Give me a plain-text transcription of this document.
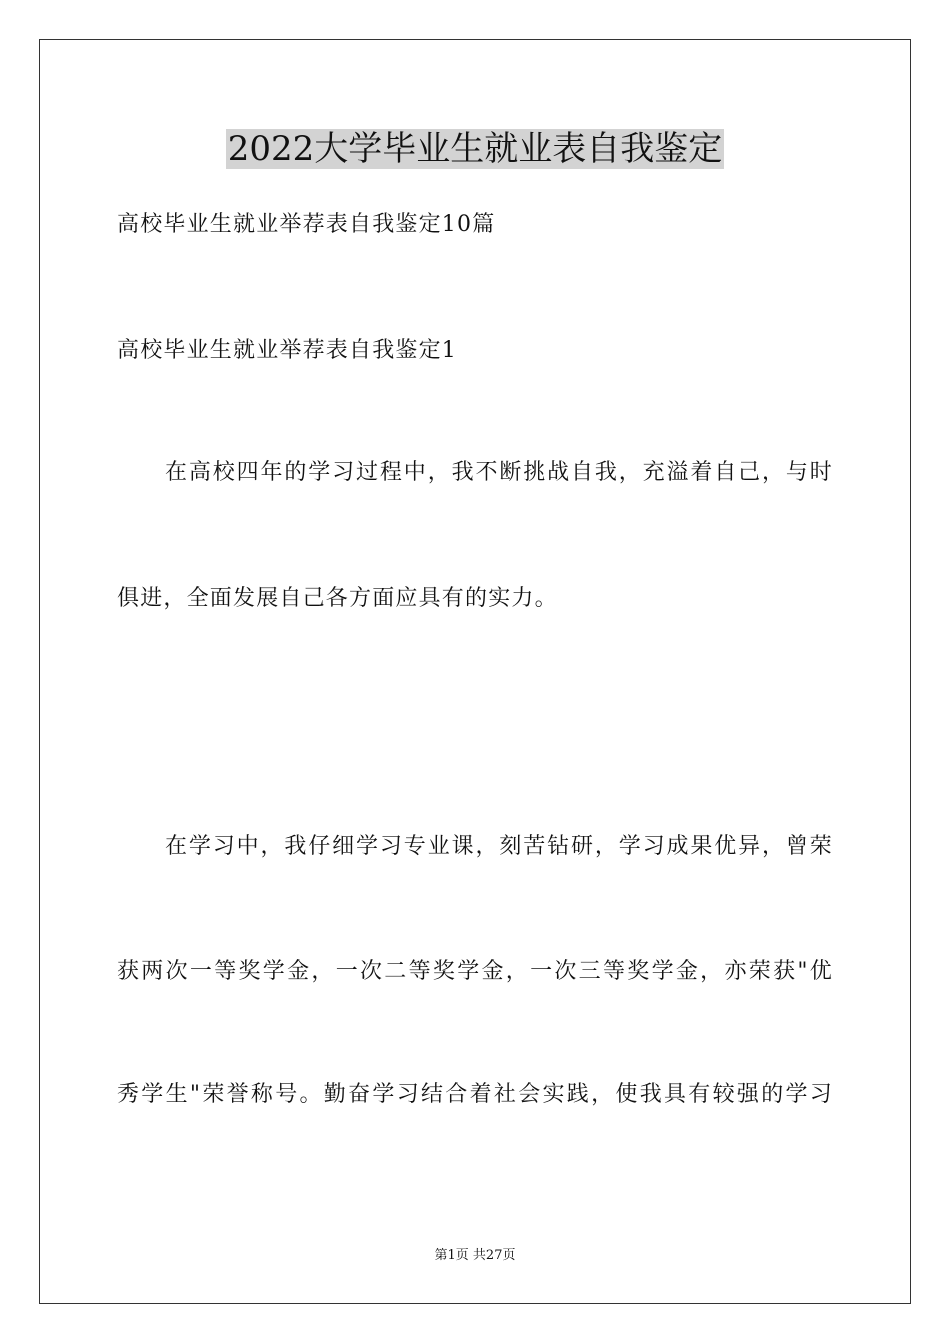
2022大学毕业生就业表自我鉴定
高校毕业生就业举荐表自我鉴定10篇
高校毕业生就业举荐表自我鉴定1
在高校四年的学习过程中，我不断挑战自我，充溢着自己，与时
俱进，全面发展自己各方面应具有的实力。
在学习中，我仔细学习专业课，刻苦钻研，学习成果优异，曾荣
获两次一等奖学金，一次二等奖学金，一次三等奖学金，亦荣获"优
秀学生"荣誉称号。勤奋学习结合着社会实践，使我具有较强的学习
第1页 共27页
